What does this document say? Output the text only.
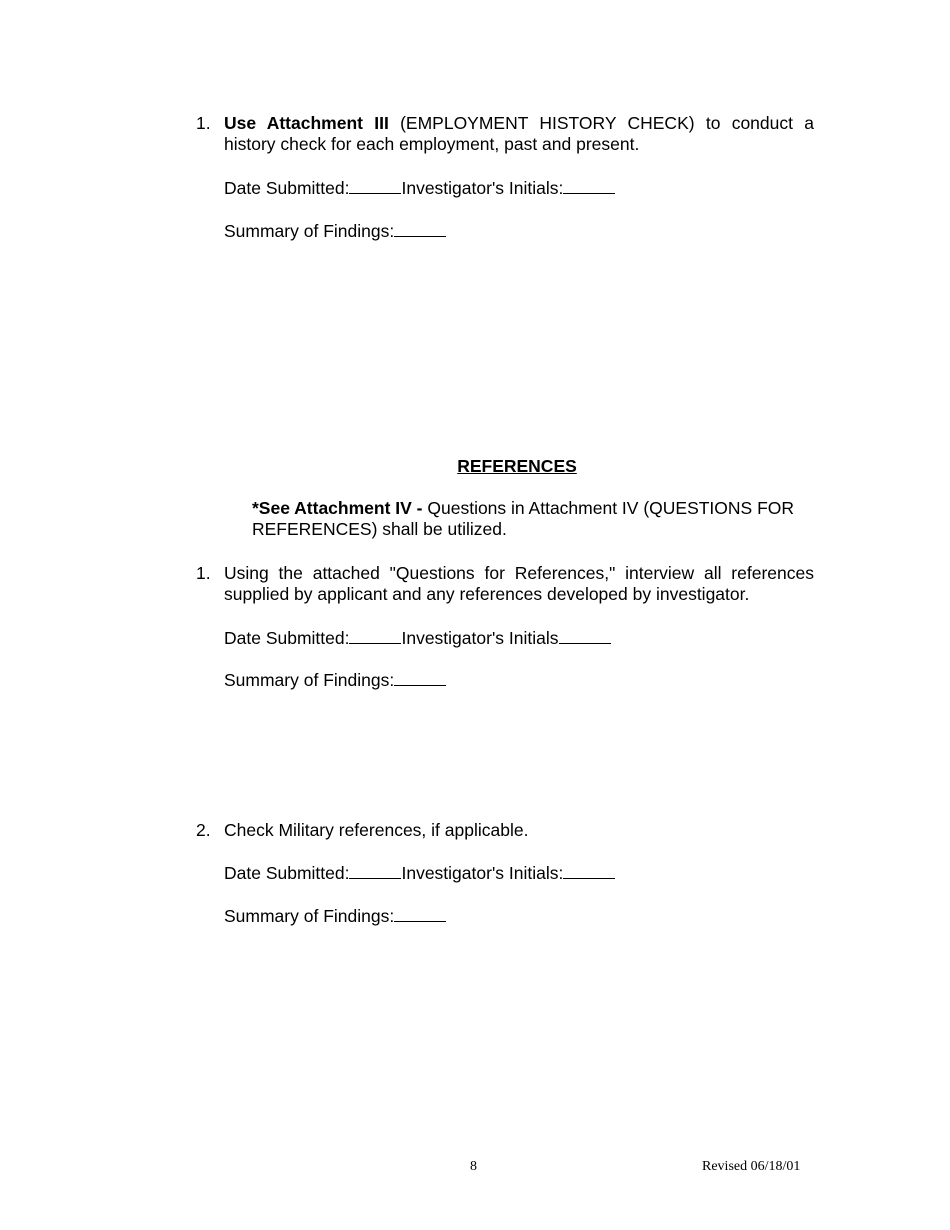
1. Use Attachment III (EMPLOYMENT HISTORY CHECK) to conduct a history check for each employment, past and present.
Date Submitted:	Investigator's Initials:
Summary of Findings:
REFERENCES
*See Attachment IV - Questions in Attachment IV (QUESTIONS FOR REFERENCES) shall be utilized.
1. Using the attached "Questions for References," interview all references supplied by applicant and any references developed by investigator.
Date Submitted:	Investigator's Initials
Summary of Findings:
2. Check Military references, if applicable.
Date Submitted:	Investigator's Initials:
Summary of Findings:
8	Revised 06/18/01
